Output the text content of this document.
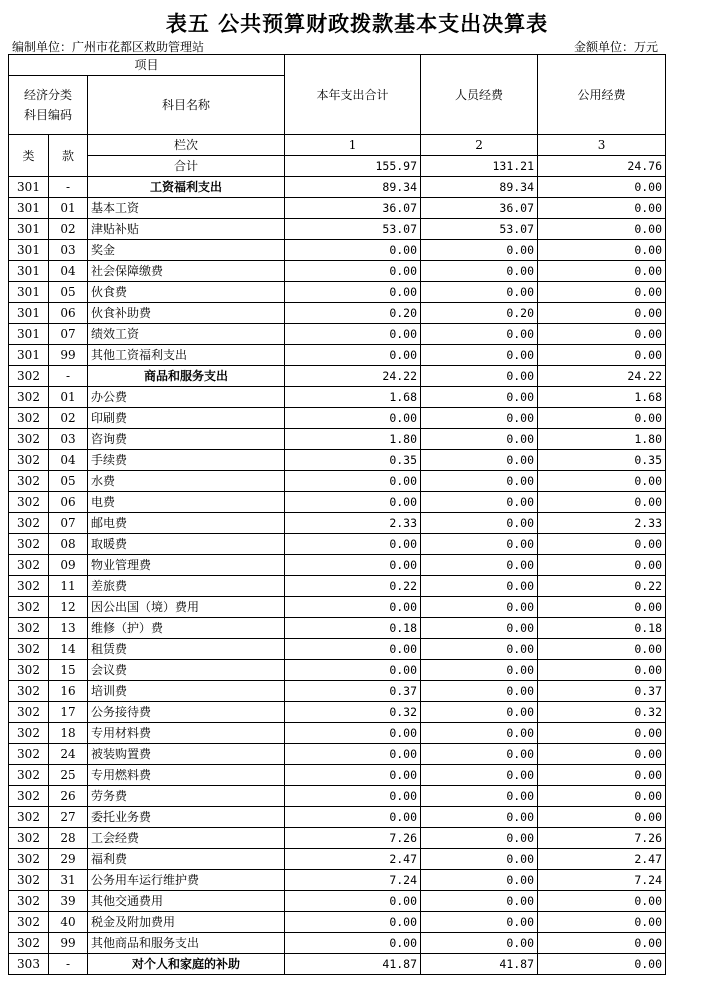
表五 公共预算财政拨款基本支出决算表
编制单位：广州市花都区救助管理站	金额单位：万元
项目			本年支出合计	人员经费	公用经费
经济分类
科目编码		科目名称			

类	款				
		栏次	1	2	3
		合计	155.97	131.21	24.76
301	-	工资福利支出	89.34	89.34	0.00
301	01	基本工资	36.07	36.07	0.00
301	02	津贴补贴	53.07	53.07	0.00
301	03	奖金	0.00	0.00	0.00
301	04	社会保障缴费	0.00	0.00	0.00
301	05	伙食费	0.00	0.00	0.00
301	06	伙食补助费	0.20	0.20	0.00
301	07	绩效工资	0.00	0.00	0.00
301	99	其他工资福利支出	0.00	0.00	0.00
302	-	商品和服务支出	24.22	0.00	24.22
302	01	办公费	1.68	0.00	1.68
302	02	印刷费	0.00	0.00	0.00
302	03	咨询费	1.80	0.00	1.80
302	04	手续费	0.35	0.00	0.35
302	05	水费	0.00	0.00	0.00
302	06	电费	0.00	0.00	0.00
302	07	邮电费	2.33	0.00	2.33
302	08	取暖费	0.00	0.00	0.00
302	09	物业管理费	0.00	0.00	0.00
302	11	差旅费	0.22	0.00	0.22
302	12	因公出国（境）费用	0.00	0.00	0.00
302	13	维修（护）费	0.18	0.00	0.18
302	14	租赁费	0.00	0.00	0.00
302	15	会议费	0.00	0.00	0.00
302	16	培训费	0.37	0.00	0.37
302	17	公务接待费	0.32	0.00	0.32
302	18	专用材料费	0.00	0.00	0.00
302	24	被装购置费	0.00	0.00	0.00
302	25	专用燃料费	0.00	0.00	0.00
302	26	劳务费	0.00	0.00	0.00
302	27	委托业务费	0.00	0.00	0.00
302	28	工会经费	7.26	0.00	7.26
302	29	福利费	2.47	0.00	2.47
302	31	公务用车运行维护费	7.24	0.00	7.24
302	39	其他交通费用	0.00	0.00	0.00
302	40	税金及附加费用	0.00	0.00	0.00
302	99	其他商品和服务支出	0.00	0.00	0.00
303	-	对个人和家庭的补助	41.87	41.87	0.00
